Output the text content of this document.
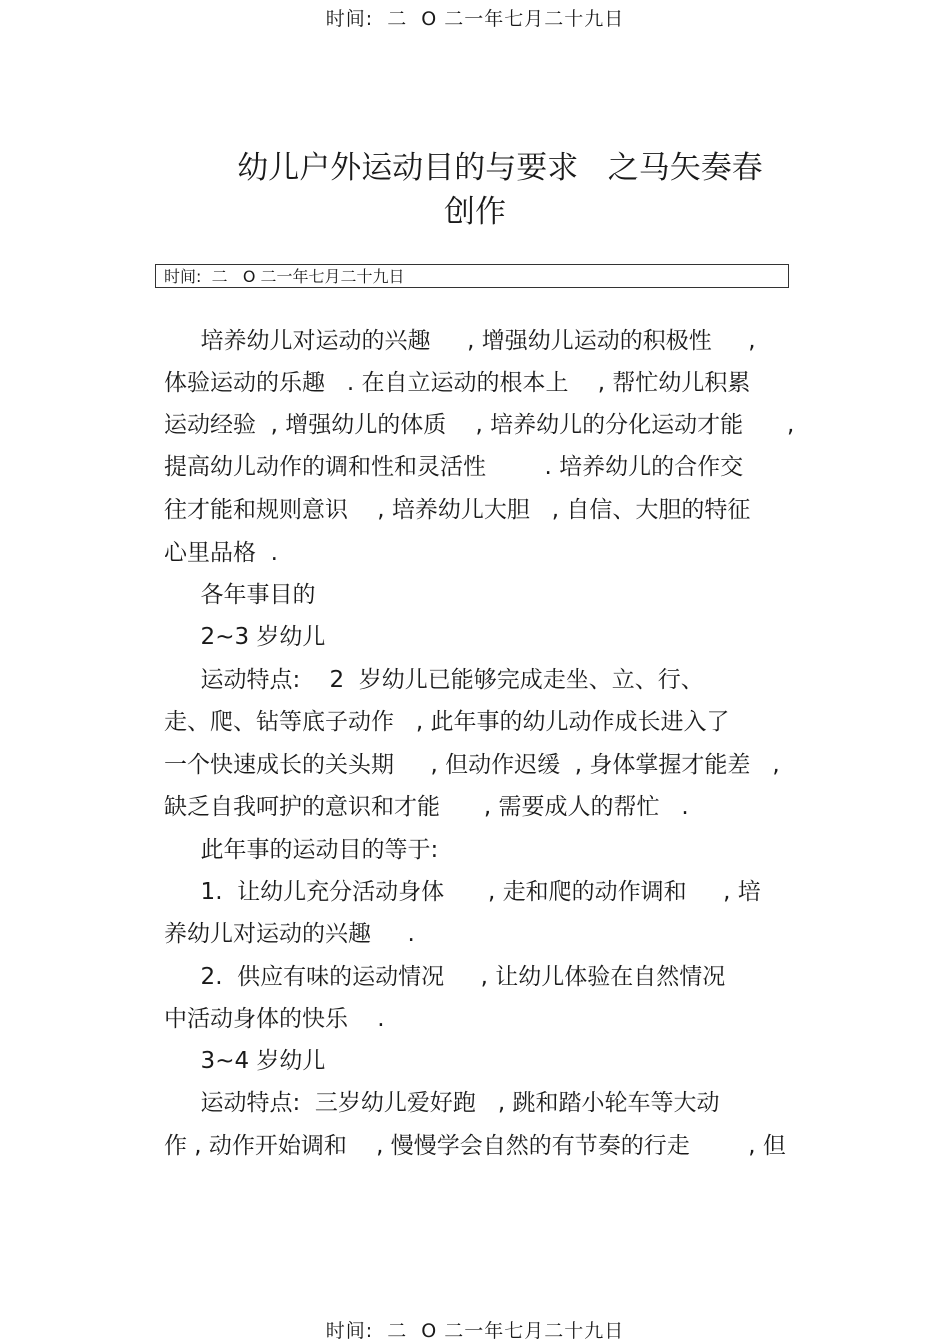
时间:  二  O 二一年七月二十九日
幼儿户外运动目的与要求   之马矢奏春
创作
时间:  二   O 二一年七月二十九日
培养幼儿对运动的兴趣     , 增强幼儿运动的积极性     ,
体验运动的乐趣   . 在自立运动的根本上    , 帮忙幼儿积累
运动经验  , 增强幼儿的体质    , 培养幼儿的分化运动才能      ,
提高幼儿动作的调和性和灵活性        . 培养幼儿的合作交
往才能和规则意识    , 培养幼儿大胆   , 自信、大胆的特征
心里品格  .
各年事目的
2~3 岁幼儿
运动特点:    2  岁幼儿已能够完成走坐、立、行、
走、爬、钻等底子动作   , 此年事的幼儿动作成长进入了
一个快速成长的关头期     , 但动作迟缓  , 身体掌握才能差   ,
缺乏自我呵护的意识和才能      , 需要成人的帮忙   .
此年事的运动目的等于:
1.  让幼儿充分活动身体      , 走和爬的动作调和     , 培
养幼儿对运动的兴趣     .
2.  供应有味的运动情况     , 让幼儿体验在自然情况
中活动身体的快乐    .
3~4 岁幼儿
运动特点:  三岁幼儿爱好跑   , 跳和踏小轮车等大动
作 , 动作开始调和    , 慢慢学会自然的有节奏的行走        , 但
时间:  二  O 二一年七月二十九日
